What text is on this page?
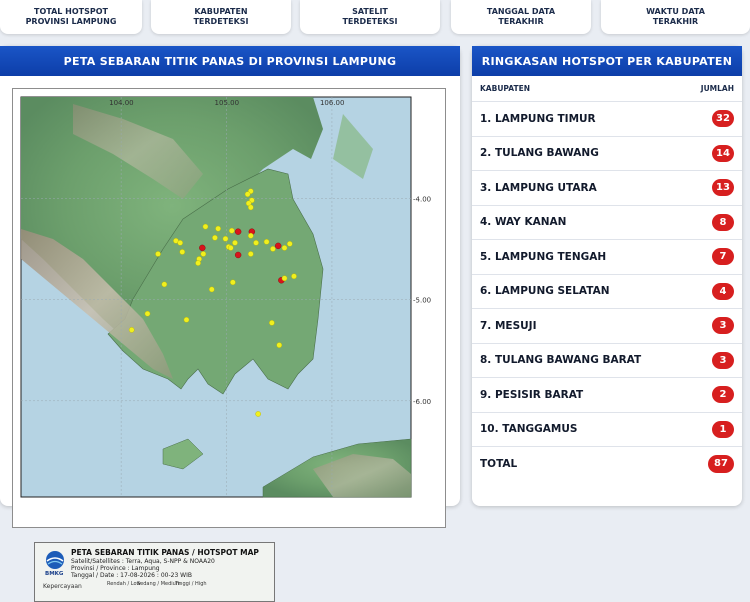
TOTAL HOTSPOT
PROVINSI LAMPUNG
KABUPATEN
TERDETEKSI
SATELIT
TERDETEKSI
TANGGAL DATA
TERAKHIR
WAKTU DATA
TERAKHIR
PETA SEBARAN TITIK PANAS DI PROVINSI LAMPUNG
104.00	105.00	106.00
-4.00
-5.00
-6.00
BMKG
PETA SEBARAN TITIK PANAS / HOTSPOT MAP
Satelit/Satellites : Terra, Aqua, S-NPP & NOAA20
Provinsi / Province : Lampung
Tanggal / Date : 17-08-2026 : 00-23 WIB
Kepercayaan	Rendah / Low
Sedang / Medium
Tinggi / High
RINGKASAN HOTSPOT PER KABUPATEN
KABUPATEN	JUMLAH
1. LAMPUNG TIMUR	32
2. TULANG BAWANG	14
3. LAMPUNG UTARA	13
4. WAY KANAN	8
5. LAMPUNG TENGAH	7
6. LAMPUNG SELATAN	4
7. MESUJI	3
8. TULANG BAWANG BARAT	3
9. PESISIR BARAT	2
10. TANGGAMUS	1
TOTAL	87
